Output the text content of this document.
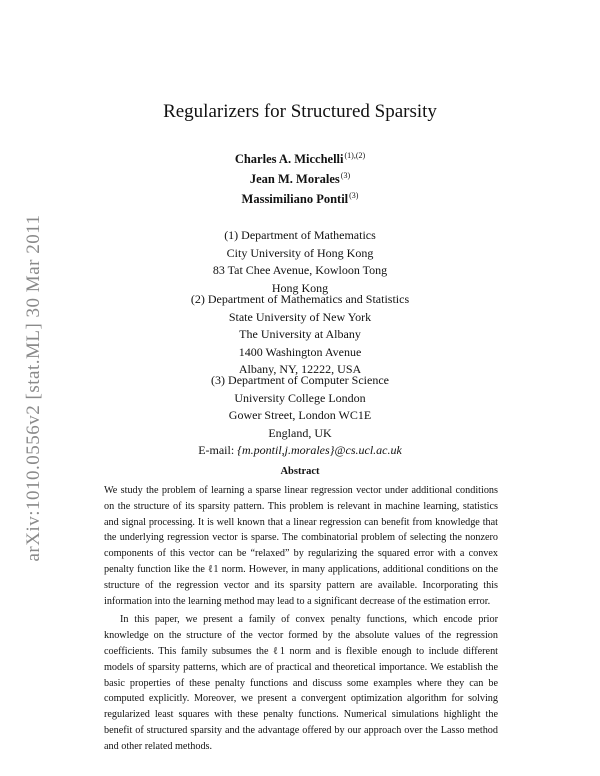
arXiv:1010.0556v2 [stat.ML] 30 Mar 2011
Regularizers for Structured Sparsity
Charles A. Micchelli$^{(1),(2)}$
Jean M. Morales$^{(3)}$
Massimiliano Pontil$^{(3)}$
(1) Department of Mathematics
City University of Hong Kong
83 Tat Chee Avenue, Kowloon Tong
Hong Kong
(2) Department of Mathematics and Statistics
State University of New York
The University at Albany
1400 Washington Avenue
Albany, NY, 12222, USA
(3) Department of Computer Science
University College London
Gower Street, London WC1E
England, UK
E-mail: {m.pontil,j.morales}@cs.ucl.ac.uk
Abstract

We study the problem of learning a sparse linear regression vector under additional conditions on the structure of its sparsity pattern. This problem is relevant in machine learning, statistics and signal processing. It is well known that a linear regression can benefit from knowledge that the underlying regression vector is sparse. The combinatorial problem of selecting the nonzero components of this vector can be “relaxed” by regularizing the squared error with a convex penalty function like the ℓ1 norm. However, in many applications, additional conditions on the structure of the regression vector and its sparsity pattern are available. Incorporating this information into the learning method may lead to a significant decrease of the estimation error.

In this paper, we present a family of convex penalty functions, which encode prior knowledge on the structure of the vector formed by the absolute values of the regression coefficients. This family subsumes the ℓ1 norm and is flexible enough to include different models of sparsity patterns, which are of practical and theoretical importance. We establish the basic properties of these penalty functions and discuss some examples where they can be computed explicitly. Moreover, we present a convergent optimization algorithm for solving regularized least squares with these penalty functions. Numerical simulations highlight the benefit of structured sparsity and the advantage offered by our approach over the Lasso method and other related methods.
